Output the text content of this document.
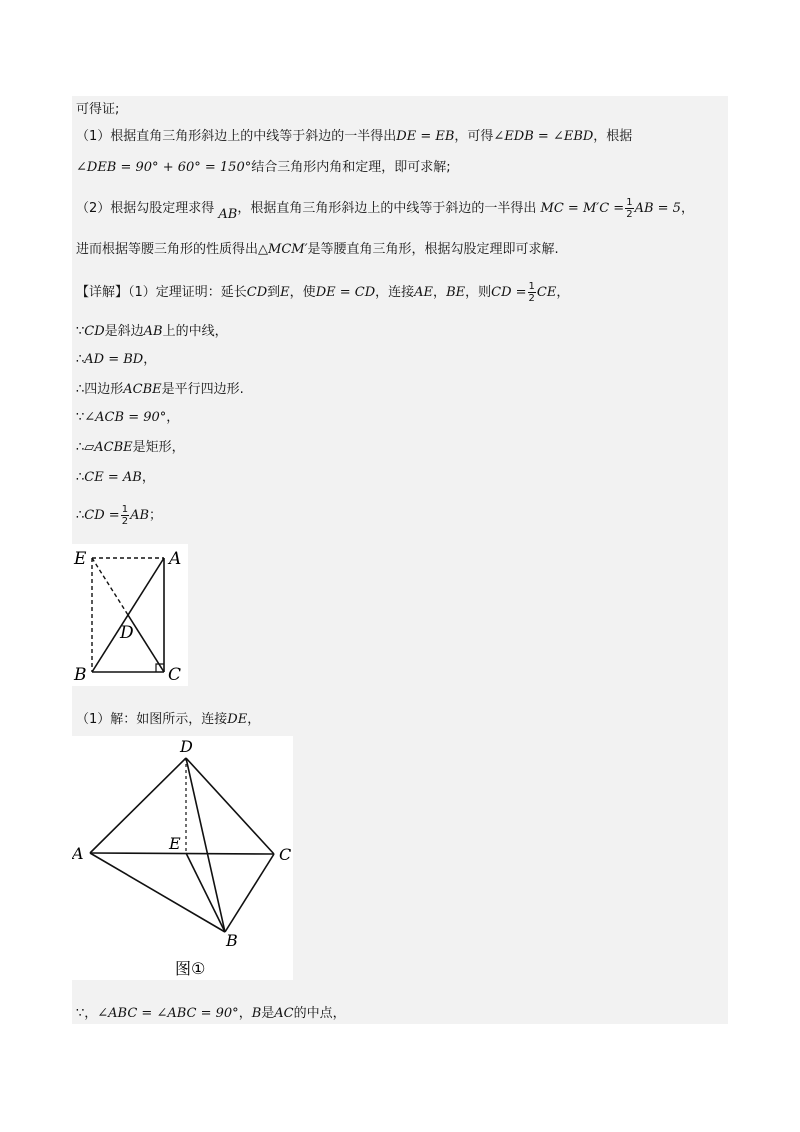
可得证;
（1）根据直角三角形斜边上的中线等于斜边的一半得出DE = EB，可得∠EDB = ∠EBD，根据
∠DEB = 90° + 60° = 150°结合三角形内角和定理，即可求解;
（2）根据勾股定理求得 AB，根据直角三角形斜边上的中线等于斜边的一半得出 MC = $M'C = \frac{1}{2}$ AB = 5，
进而根据等腰三角形的性质得出△MCM′是等腰直角三角形，根据勾股定理即可求解.
【详解】（1）定理证明：延长CD到E，使DE = CD，连接AE，BE，则CD = $\frac{1}{2}$ CE，
∵CD是斜边AB上的中线，
∴AD = BD，
∴四边形ACBE是平行四边形.
∵∠ACB = 90°，
∴▱ACBE是矩形，
∴CE = AB，
∴CD = $\frac{1}{2}$ AB；
E	A
D
B	C
（1）解：如图所示，连接DE，
D
A
E
C
B
图①
∵，∠ABC = ∠ABC = 90°，B是AC的中点，
